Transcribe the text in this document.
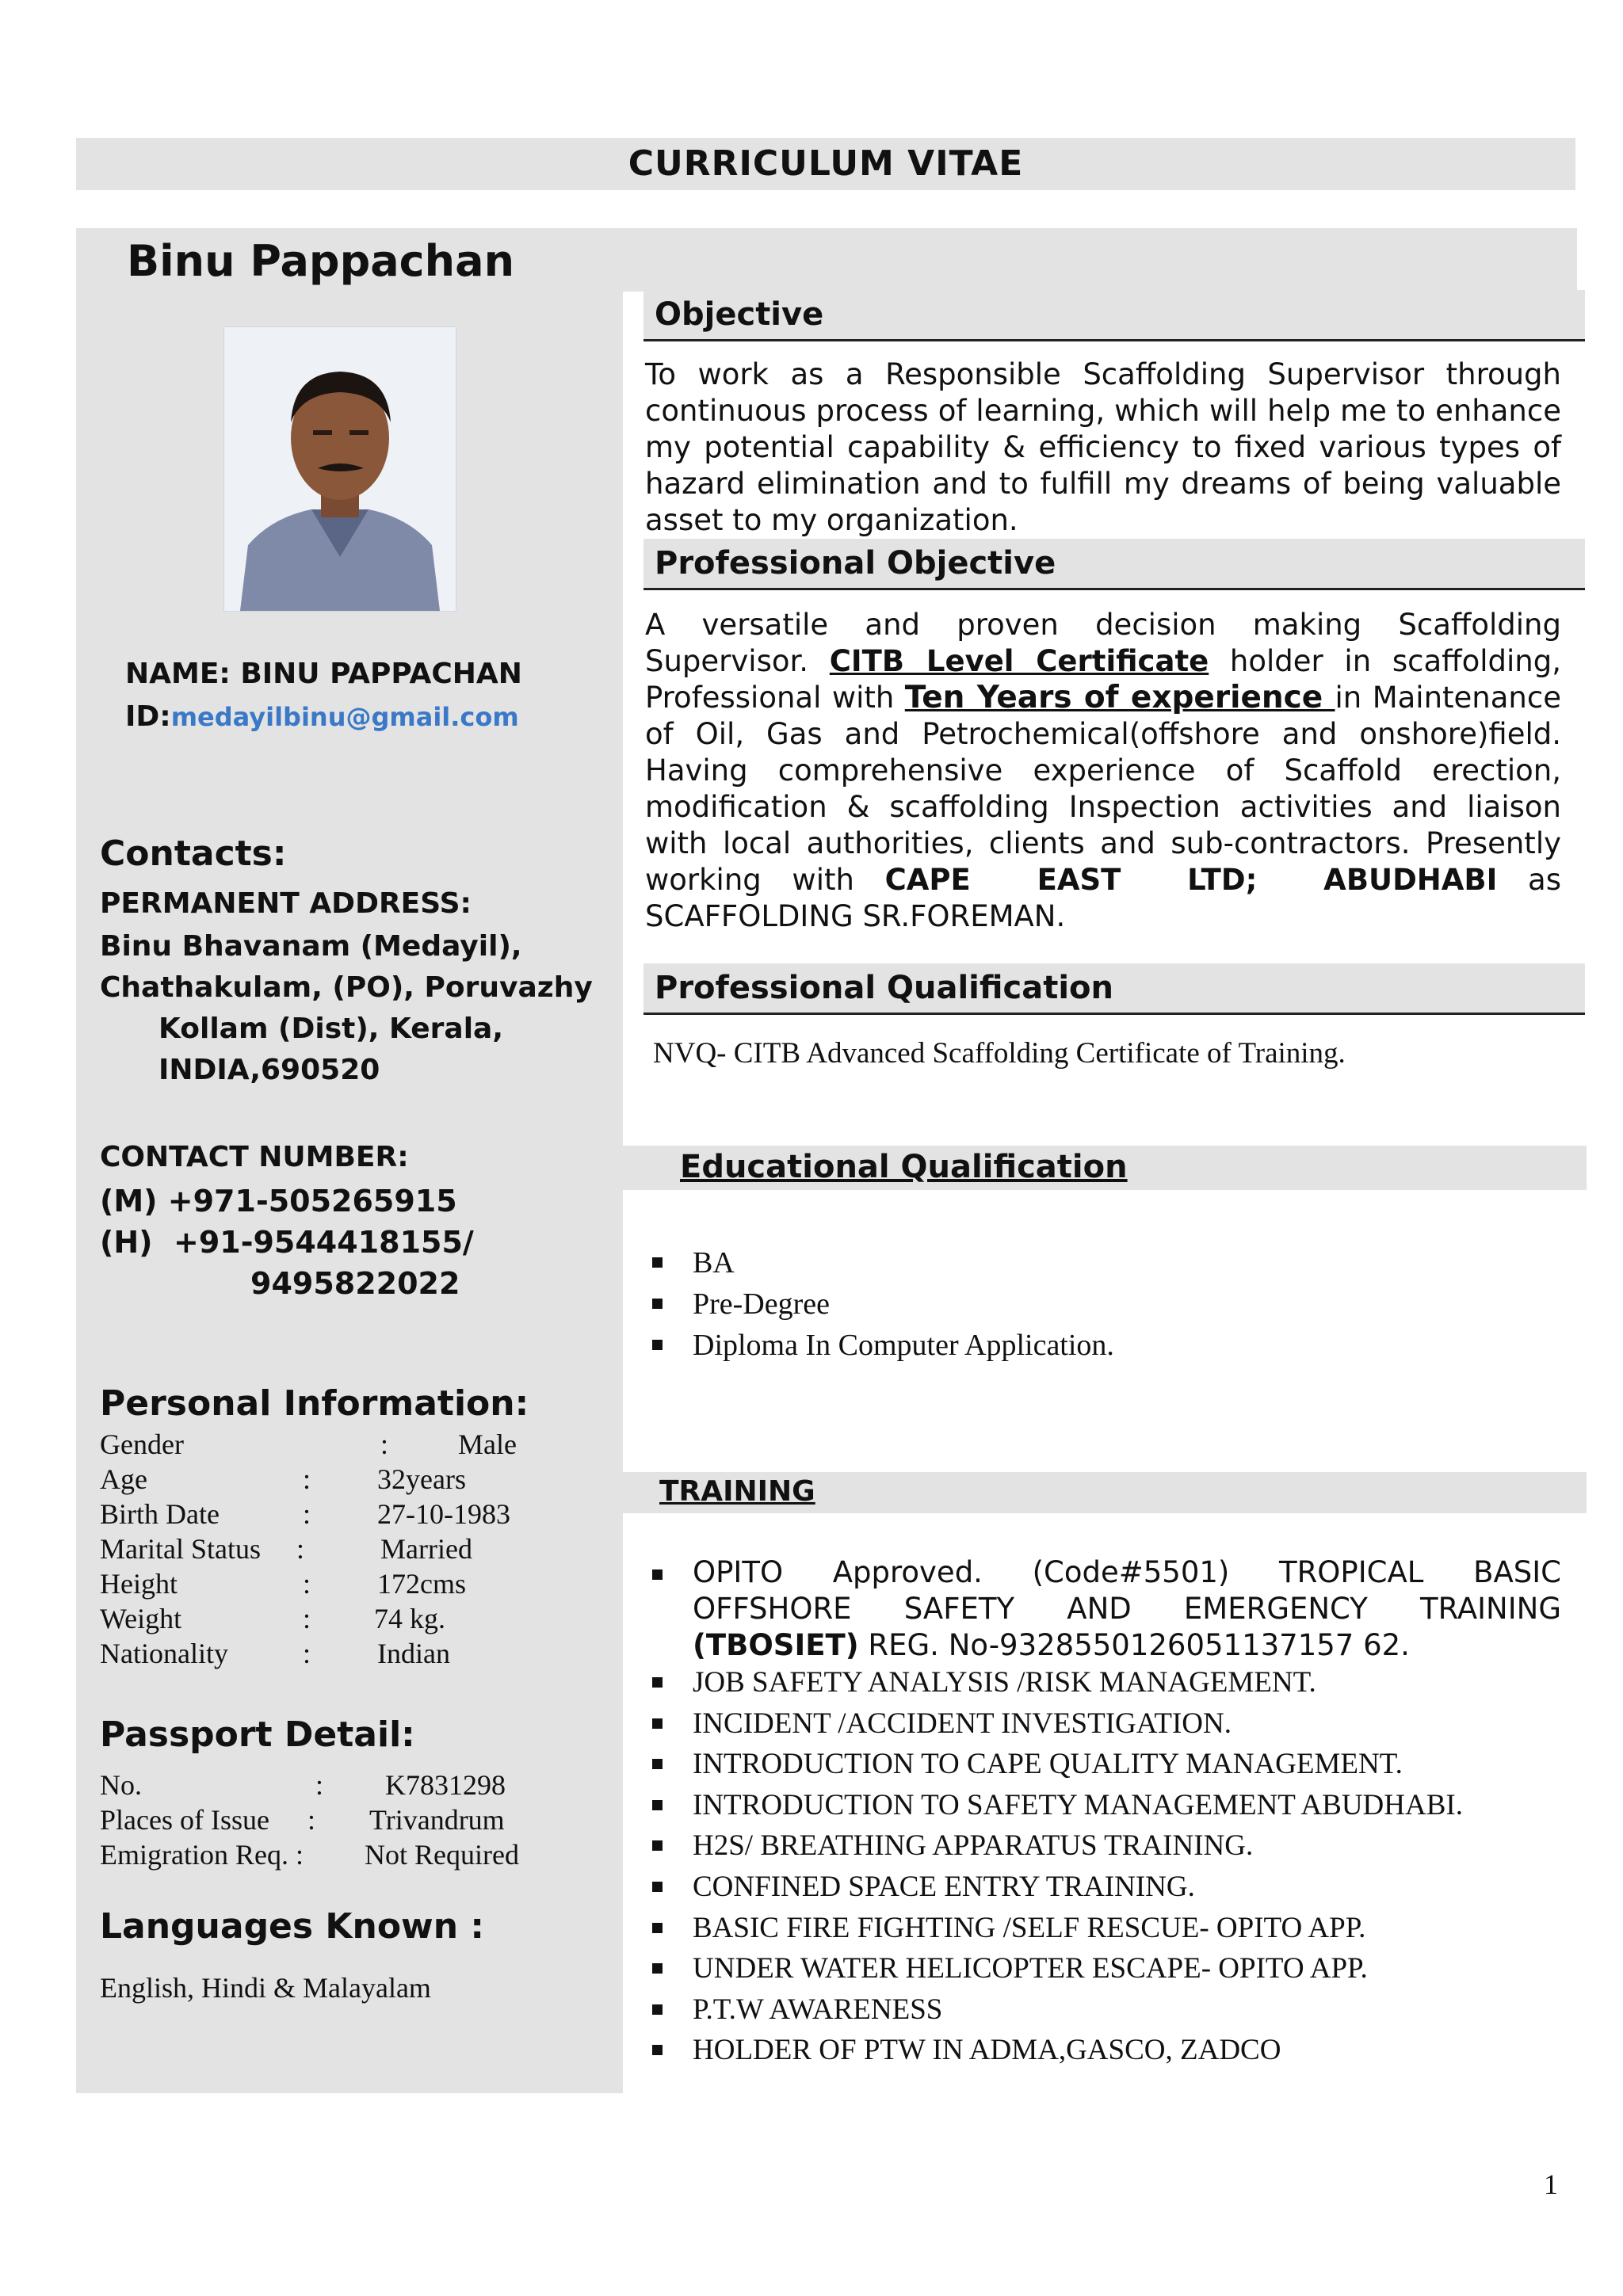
CURRICULUM VITAE
Binu Pappachan
NAME: BINU PAPPACHAN
ID:medayilbinu@gmail.com
Contacts:
PERMANENT ADDRESS:
Binu Bhavanam (Medayil),
Chathakulam, (PO), Poruvazhy
Kollam (Dist), Kerala,
INDIA,690520
CONTACT NUMBER:
(M) +971-505265915
(H)  +91-9544418155/
9495822022
Personal Information:
Gender	: Male
Age	: 32years
Birth Date	: 27-10-1983
Marital Status :	Married
Height	: 172cms
Weight	: 74 kg.
Nationality	: Indian
Passport Detail:
No.	: K7831298
Places of Issue : Trivandrum
Emigration Req. : Not Required
Languages Known :
English, Hindi & Malayalam
Objective
To work as a Responsible Scaffolding Supervisor through continuous process of learning, which will help me to enhance my potential capability & efficiency to fixed various types of hazard elimination and to fulfill my dreams of being valuable asset to my organization.
Professional Objective
A versatile and proven decision making Scaffolding Supervisor. CITB Level Certificate holder in scaffolding, Professional with Ten Years of experience in Maintenance of Oil, Gas and Petrochemical(offshore and onshore)field. Having comprehensive experience of Scaffold erection, modification & scaffolding Inspection activities and liaison with local authorities, clients and sub-contractors. Presently working with CAPE EAST LTD; ABUDHABI as SCAFFOLDING SR.FOREMAN.
Professional Qualification
NVQ- CITB Advanced Scaffolding Certificate of Training.
Educational Qualification
BA
Pre-Degree
Diploma In Computer Application.
TRAINING
OPITO Approved. (Code#5501) TROPICAL BASIC OFFSHORE SAFETY AND EMERGENCY TRAINING (TBOSIET) REG. No-9328550126051137157 62.
JOB SAFETY ANALYSIS /RISK MANAGEMENT.
INCIDENT /ACCIDENT INVESTIGATION.
INTRODUCTION TO CAPE QUALITY MANAGEMENT.
INTRODUCTION TO SAFETY MANAGEMENT ABUDHABI.
H2S/ BREATHING APPARATUS TRAINING.
CONFINED SPACE ENTRY TRAINING.
BASIC FIRE FIGHTING /SELF RESCUE- OPITO APP.
UNDER WATER HELICOPTER ESCAPE- OPITO APP.
P.T.W AWARENESS
HOLDER OF PTW IN ADMA,GASCO, ZADCO
1
